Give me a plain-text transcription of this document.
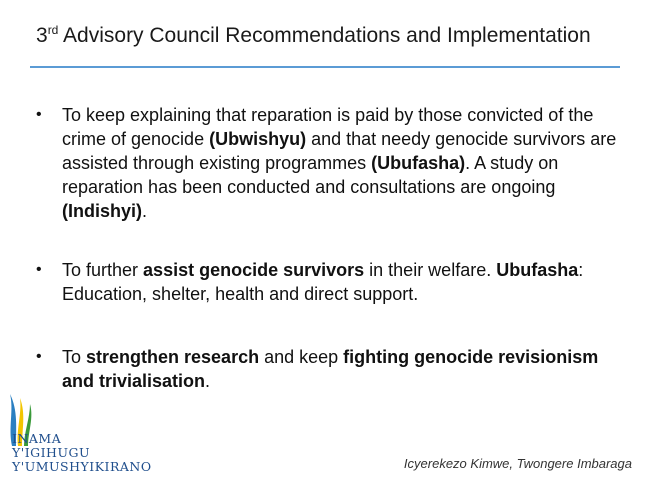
3rd Advisory Council Recommendations and Implementation
• To keep explaining that reparation is paid by those convicted of the crime of genocide (Ubwishyu) and that needy genocide survivors are assisted through existing programmes (Ubufasha). A study on reparation has been conducted and consultations are ongoing (Indishyi).
• To further assist genocide survivors in their welfare. Ubufasha: Education, shelter, health and direct support.
• To strengthen research and keep fighting genocide revisionism and trivialisation.
INAMA
Y'IGIHUGU
Y'UMUSHYIKIRANO	Icyerekezo Kimwe, Twongere Imbaraga
